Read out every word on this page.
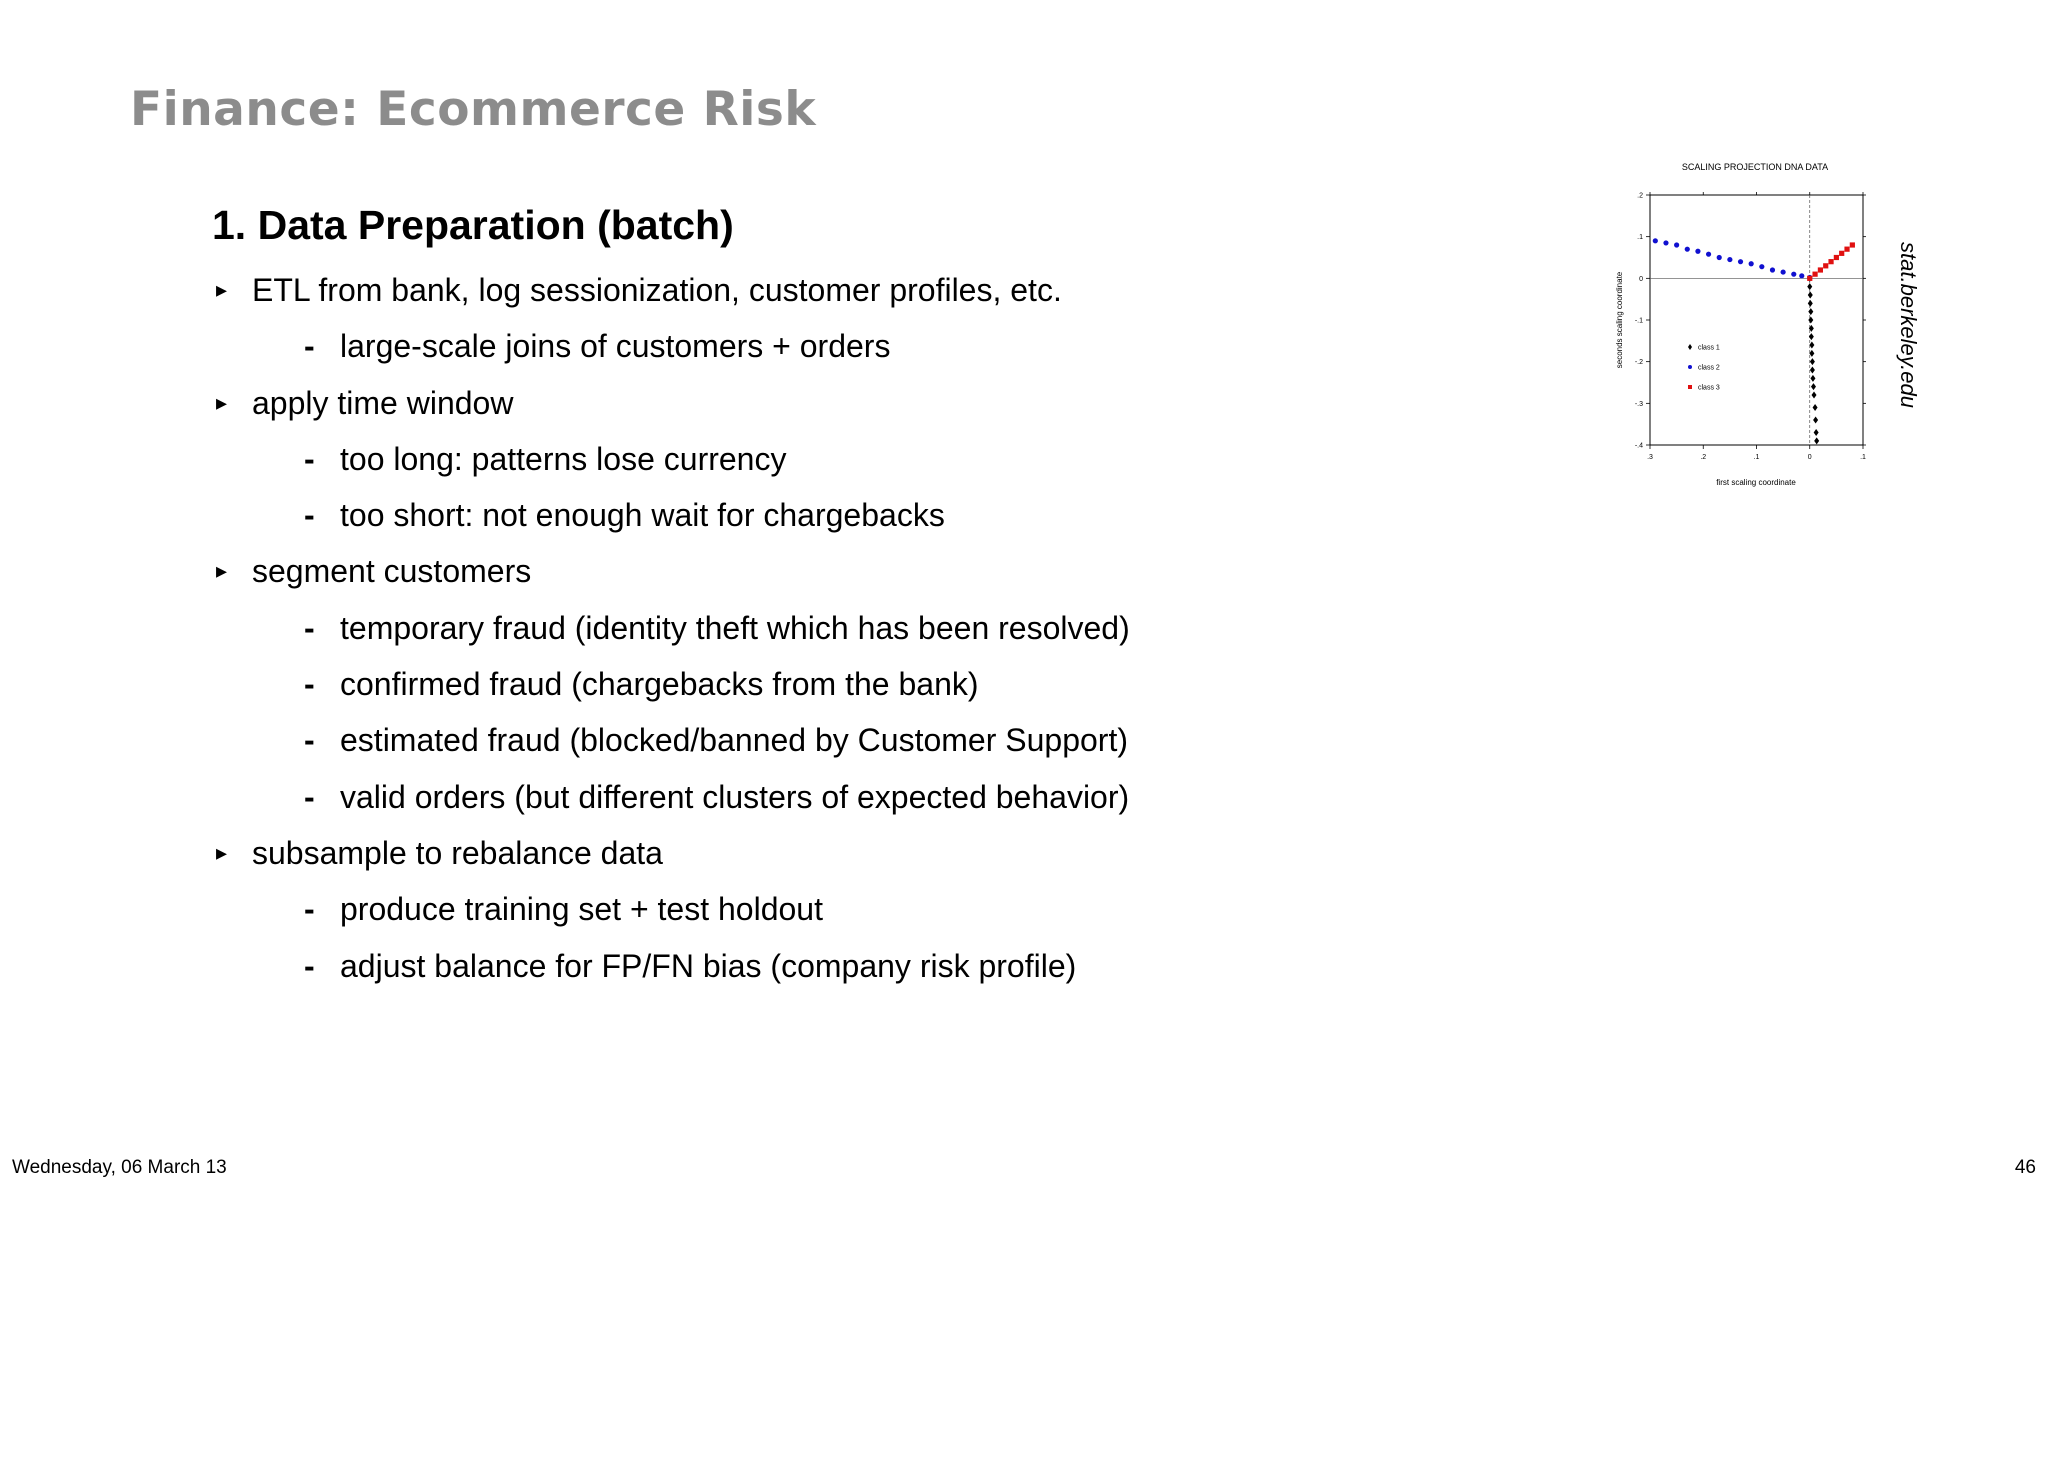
Finance: Ecommerce Risk
1. Data Preparation (batch)
▸ ETL from bank, log sessionization, customer profiles, etc.
- large-scale joins of customers + orders
▸ apply time window
- too long: patterns lose currency
- too short: not enough wait for chargebacks
▸ segment customers
- temporary fraud (identity theft which has been resolved)
- confirmed fraud (chargebacks from the bank)
- estimated fraud (blocked/banned by Customer Support)
- valid orders (but different clusters of expected behavior)
▸ subsample to rebalance data
- produce training set + test holdout
- adjust balance for FP/FN bias (company risk profile)
SCALING PROJECTION DNA DATA
.3	.2	.1	0	.1
.2
.1
0
-.1
-.2
-.3
-.4
class 1
class 2
class 3
first scaling coordinate
seconds scaling coordinate	stat.berkeley.edu
Wednesday, 06 March 13	46
